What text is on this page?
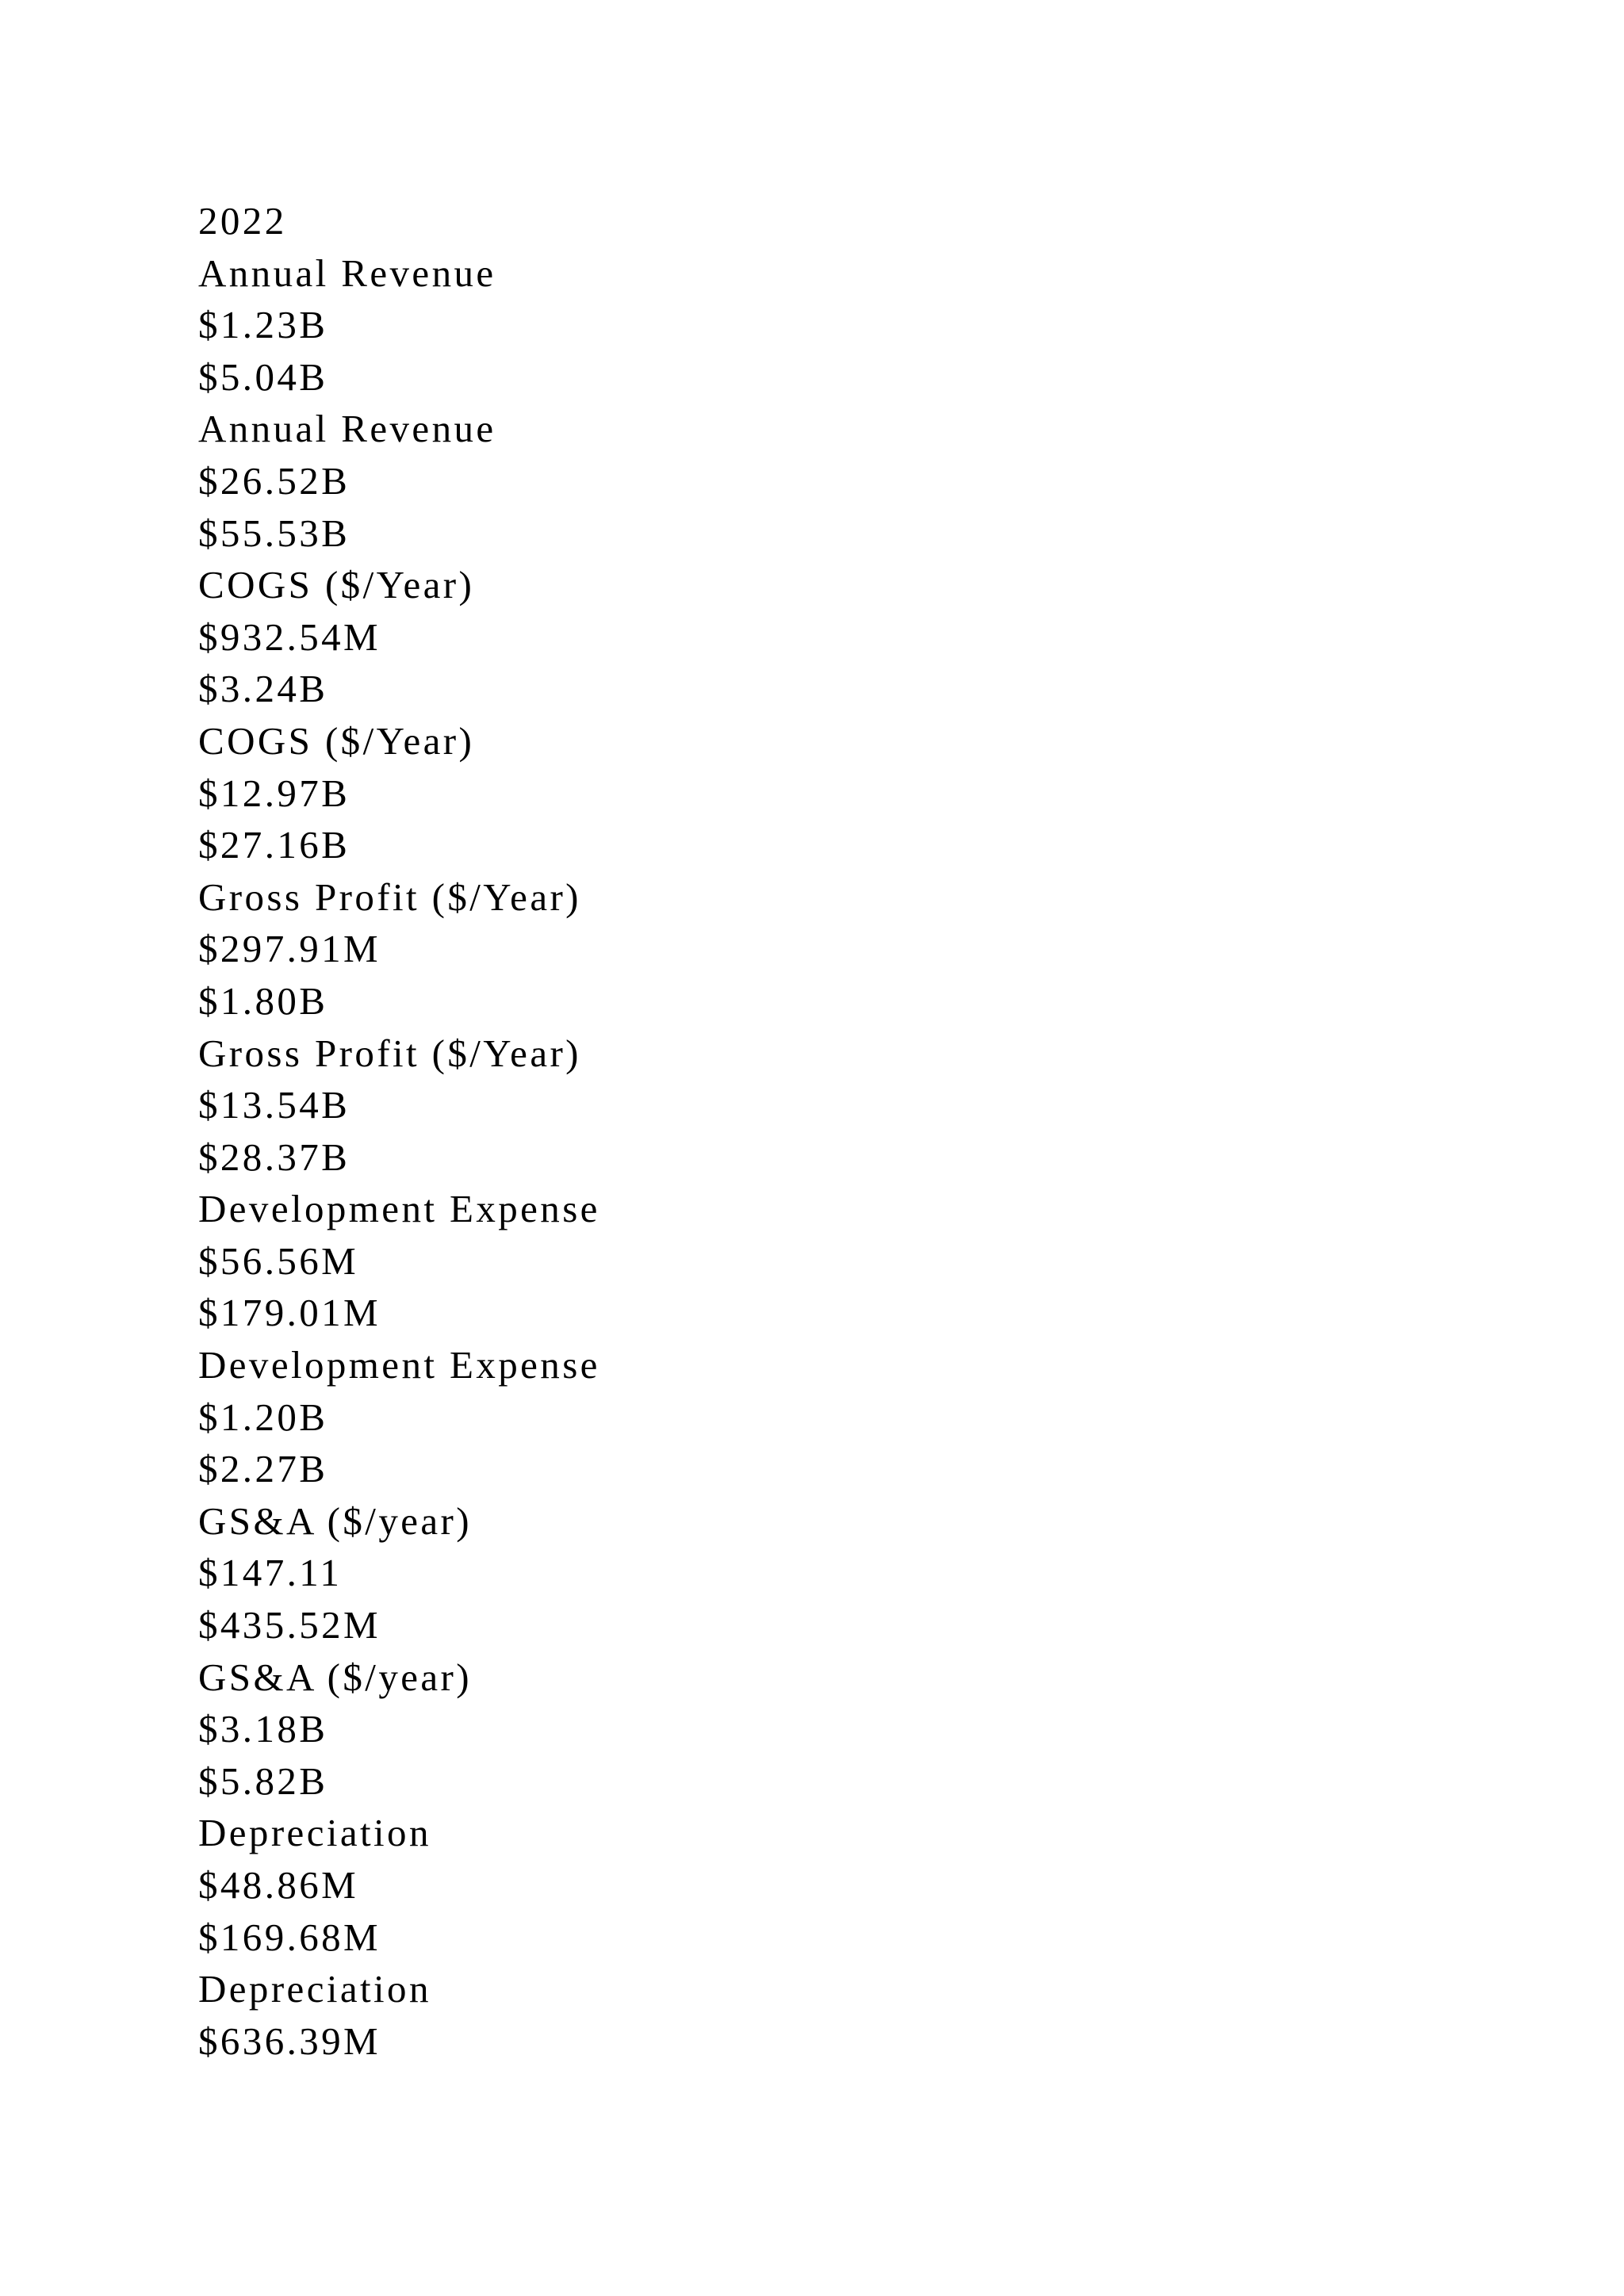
2022
Annual Revenue
$1.23B
$5.04B
Annual Revenue
$26.52B
$55.53B
COGS ($/Year)
$932.54M
$3.24B
COGS ($/Year)
$12.97B
$27.16B
Gross Profit ($/Year)
$297.91M
$1.80B
Gross Profit ($/Year)
$13.54B
$28.37B
Development Expense
$56.56M
$179.01M
Development Expense
$1.20B
$2.27B
GS&A ($/year)
$147.11
$435.52M
GS&A ($/year)
$3.18B
$5.82B
Depreciation
$48.86M
$169.68M
Depreciation
$636.39M
